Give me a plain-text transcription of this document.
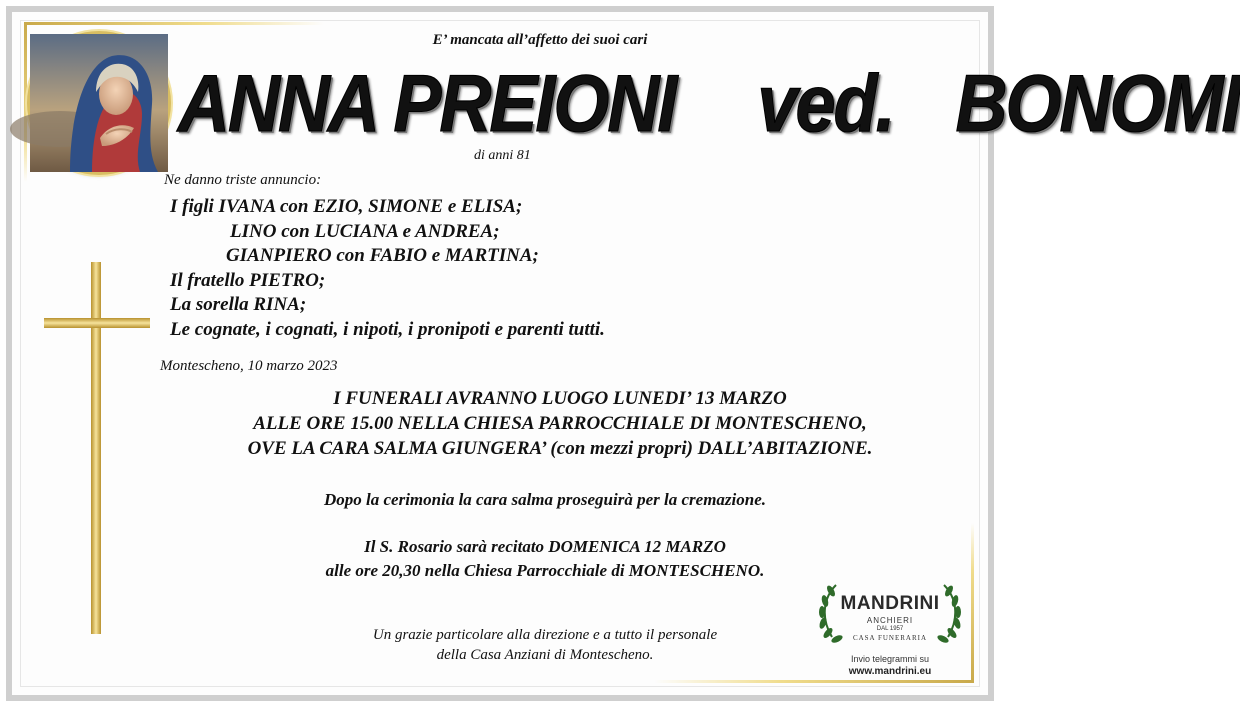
E’ mancata all’affetto dei suoi cari
ANNA PREIONI ved. BONOMI
di anni 81
Ne danno triste annuncio:
I figli IVANA con EZIO, SIMONE e ELISA;
LINO con LUCIANA e ANDREA;
GIANPIERO con FABIO e MARTINA;
Il fratello PIETRO;
La sorella RINA;
Le cognate, i cognati, i nipoti, i pronipoti e parenti tutti.
Montescheno, 10 marzo 2023
I FUNERALI AVRANNO LUOGO LUNEDI’ 13 MARZO
ALLE ORE 15.00 NELLA CHIESA PARROCCHIALE DI MONTESCHENO,
OVE LA CARA SALMA GIUNGERA’ (con mezzi propri) DALL’ABITAZIONE.
Dopo la cerimonia la cara salma proseguirà per la cremazione.
Il S. Rosario sarà recitato DOMENICA 12 MARZO
alle ore 20,30 nella Chiesa Parrocchiale di MONTESCHENO.
Un grazie particolare alla direzione e a tutto il personale
della Casa Anziani di Montescheno.
MANDRINI
ANCHIERI
DAL 1957
CASA FUNERARIA
Invio telegrammi su
www.mandrini.eu
